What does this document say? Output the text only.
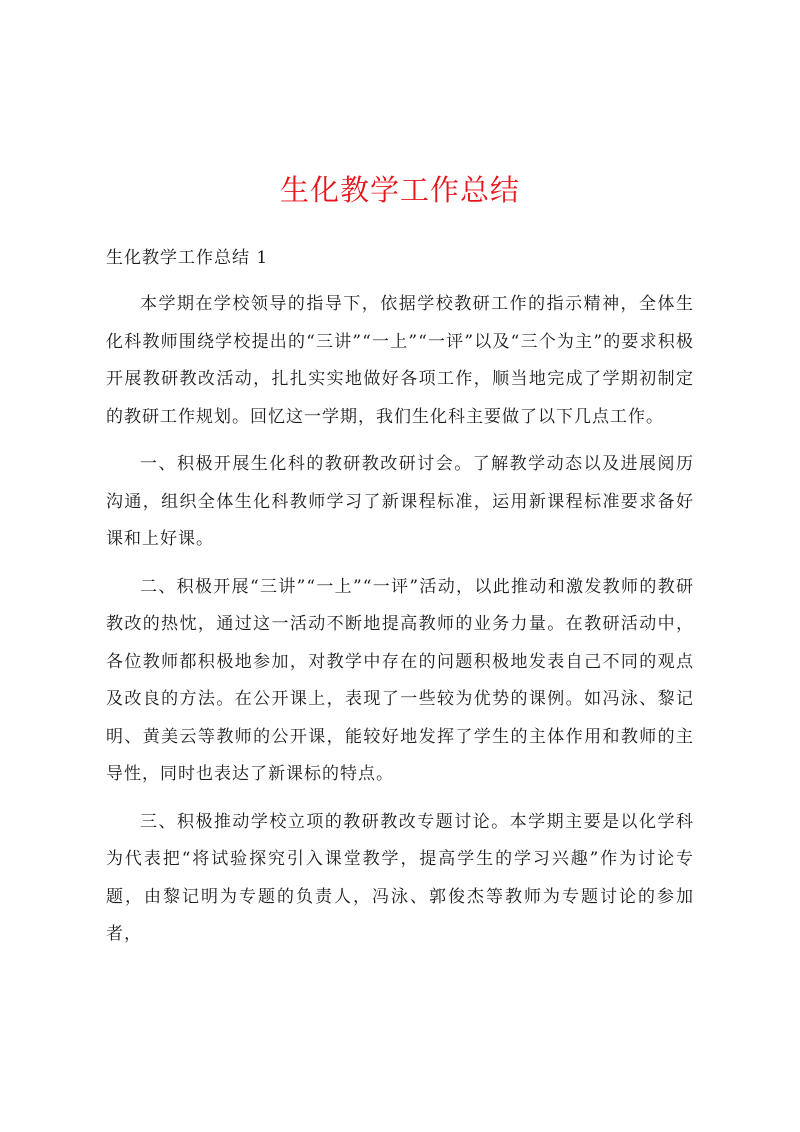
生化教学工作总结

生化教学工作总结 1

本学期在学校领导的指导下，依据学校教研工作的指示精神，全体生化科教师围绕学校提出的“三讲”“一上”“一评”以及“三个为主”的要求积极开展教研教改活动，扎扎实实地做好各项工作，顺当地完成了学期初制定的教研工作规划。回忆这一学期，我们生化科主要做了以下几点工作。

一、积极开展生化科的教研教改研讨会。了解教学动态以及进展阅历沟通，组织全体生化科教师学习了新课程标准，运用新课程标准要求备好课和上好课。

二、积极开展“三讲”“一上”“一评”活动，以此推动和激发教师的教研教改的热忱，通过这一活动不断地提高教师的业务力量。在教研活动中，各位教师都积极地参加，对教学中存在的问题积极地发表自己不同的观点及改良的方法。在公开课上，表现了一些较为优势的课例。如冯泳、黎记明、黄美云等教师的公开课，能较好地发挥了学生的主体作用和教师的主导性，同时也表达了新课标的特点。

三、积极推动学校立项的教研教改专题讨论。本学期主要是以化学科为代表把“将试验探究引入课堂教学，提高学生的学习兴趣”作为讨论专题，由黎记明为专题的负责人，冯泳、郭俊杰等教师为专题讨论的参加者，
